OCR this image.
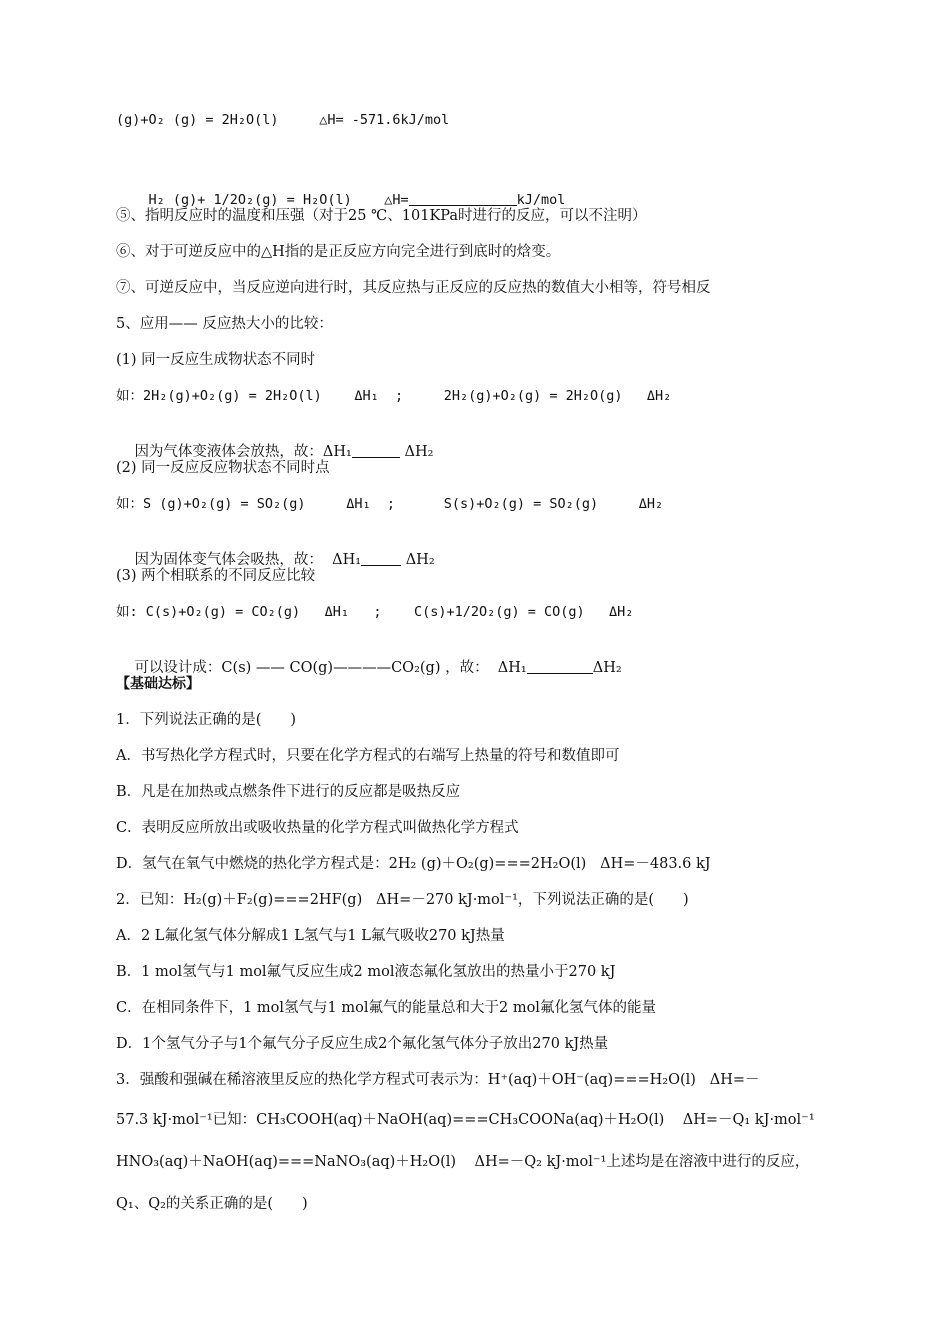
(g)+O₂ (g) = 2H₂O(l)     △H= -571.6kJ/mol

H₂ (g)+ 1/2O₂(g) = H₂O(l)    △H=	kJ/mol

⑤、指明反应时的温度和压强（对于25 ℃、101KPa时进行的反应，可以不注明）
⑥、对于可逆反应中的△H指的是正反应方向完全进行到底时的焓变。
⑦、可逆反应中，当反应逆向进行时，其反应热与正反应的反应热的数值大小相等，符号相反
5、应用—— 反应热大小的比较：
(1) 同一反应生成物状态不同时
如：2H₂(g)+O₂(g) = 2H₂O(l)    ΔH₁  ;     2H₂(g)+O₂(g) = 2H₂O(g)   ΔH₂

因为气体变液体会放热，故：ΔH₁	ΔH₂

(2) 同一反应反应物状态不同时点
如：S (g)+O₂(g) = SO₂(g)     ΔH₁  ;      S(s)+O₂(g) = SO₂(g)     ΔH₂

因为固体变气体会吸热，故：  ΔH₁	ΔH₂

(3) 两个相联系的不同反应比较
如: C(s)+O₂(g) = CO₂(g)   ΔH₁   ;    C(s)+1/2O₂(g) = CO(g)   ΔH₂

可以设计成：C(s) —— CO(g)————CO₂(g) ，故：  ΔH₁	ΔH₂

【基础达标】
1．下列说法正确的是(　　)
A．书写热化学方程式时，只要在化学方程式的右端写上热量的符号和数值即可
B．凡是在加热或点燃条件下进行的反应都是吸热反应
C．表明反应所放出或吸收热量的化学方程式叫做热化学方程式
D．氢气在氧气中燃烧的热化学方程式是：2H₂ (g)＋O₂(g)===2H₂O(l)   ΔH=－483.6 kJ
2．已知：H₂(g)＋F₂(g)===2HF(g)   ΔH=－270 kJ·mol⁻¹，下列说法正确的是(　　)
A．2 L氟化氢气体分解成1 L氢气与1 L氟气吸收270 kJ热量
B．1 mol氢气与1 mol氟气反应生成2 mol液态氟化氢放出的热量小于270 kJ
C．在相同条件下，1 mol氢气与1 mol氟气的能量总和大于2 mol氟化氢气体的能量
D．1个氢气分子与1个氟气分子反应生成2个氟化氢气体分子放出270 kJ热量
3．强酸和强碱在稀溶液里反应的热化学方程式可表示为：H⁺(aq)＋OH⁻(aq)===H₂O(l)   ΔH=－
57.3 kJ·mol⁻¹已知：CH₃COOH(aq)＋NaOH(aq)===CH₃COONa(aq)＋H₂O(l)    ΔH=－Q₁ kJ·mol⁻¹
HNO₃(aq)＋NaOH(aq)===NaNO₃(aq)＋H₂O(l)    ΔH=－Q₂ kJ·mol⁻¹上述均是在溶液中进行的反应，
Q₁、Q₂的关系正确的是(　　)
